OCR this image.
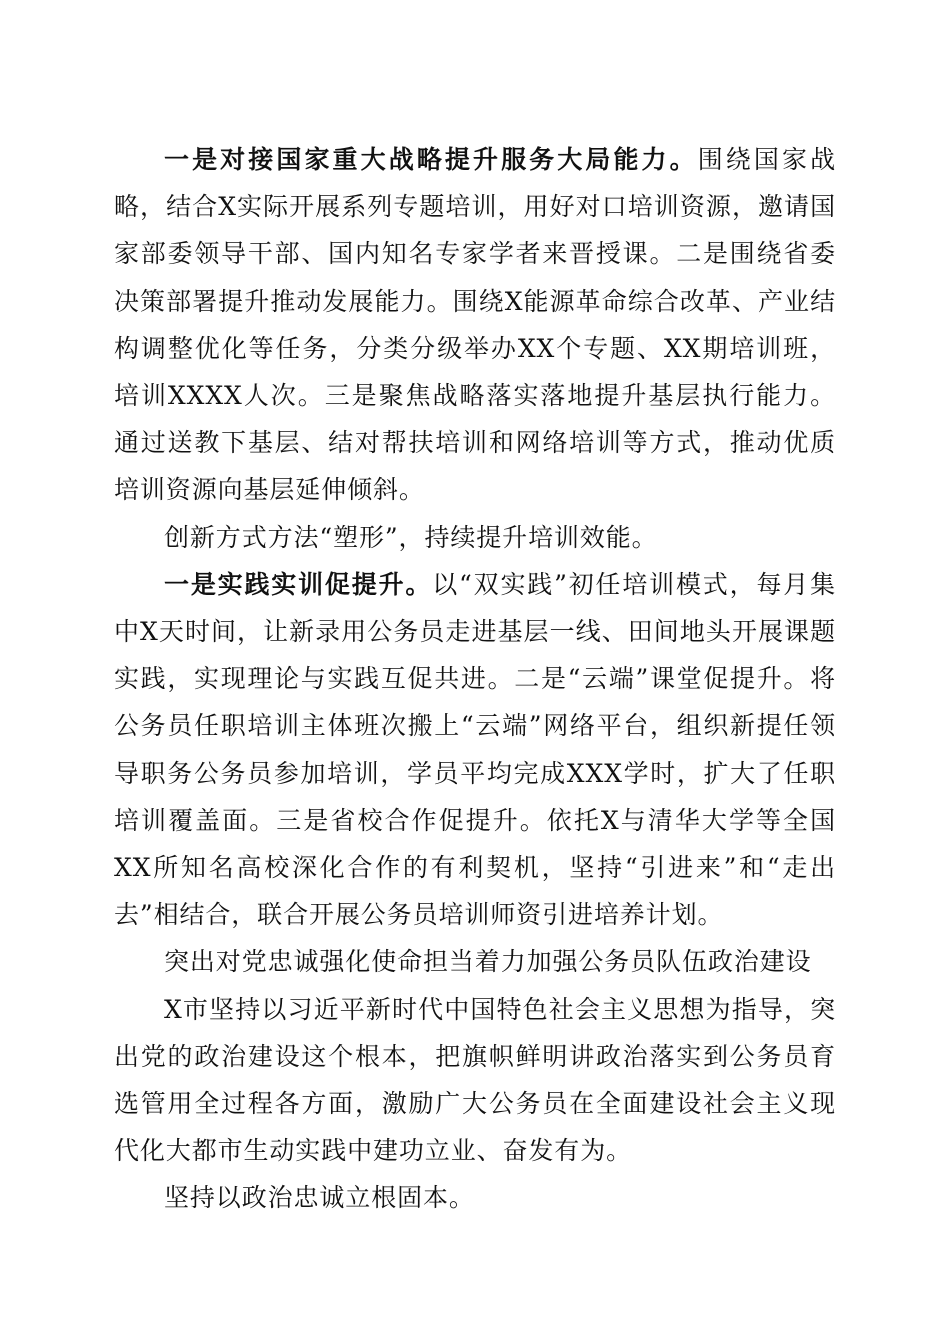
一是对接国家重大战略提升服务大局能力。围绕国家战略，结合X实际开展系列专题培训，用好对口培训资源，邀请国家部委领导干部、国内知名专家学者来晋授课。二是围绕省委决策部署提升推动发展能力。围绕X能源革命综合改革、产业结构调整优化等任务，分类分级举办XX个专题、XX期培训班，培训XXXX人次。三是聚焦战略落实落地提升基层执行能力。通过送教下基层、结对帮扶培训和网络培训等方式，推动优质培训资源向基层延伸倾斜。

创新方式方法“塑形”，持续提升培训效能。

一是实践实训促提升。以“双实践”初任培训模式，每月集中X天时间，让新录用公务员走进基层一线、田间地头开展课题实践，实现理论与实践互促共进。二是“云端”课堂促提升。将公务员任职培训主体班次搬上“云端”网络平台，组织新提任领导职务公务员参加培训，学员平均完成XXX学时，扩大了任职培训覆盖面。三是省校合作促提升。依托X与清华大学等全国XX所知名高校深化合作的有利契机，坚持“引进来”和“走出去”相结合，联合开展公务员培训师资引进培养计划。

突出对党忠诚强化使命担当着力加强公务员队伍政治建设

X市坚持以习近平新时代中国特色社会主义思想为指导，突出党的政治建设这个根本，把旗帜鲜明讲政治落实到公务员育选管用全过程各方面，激励广大公务员在全面建设社会主义现代化大都市生动实践中建功立业、奋发有为。

坚持以政治忠诚立根固本。
